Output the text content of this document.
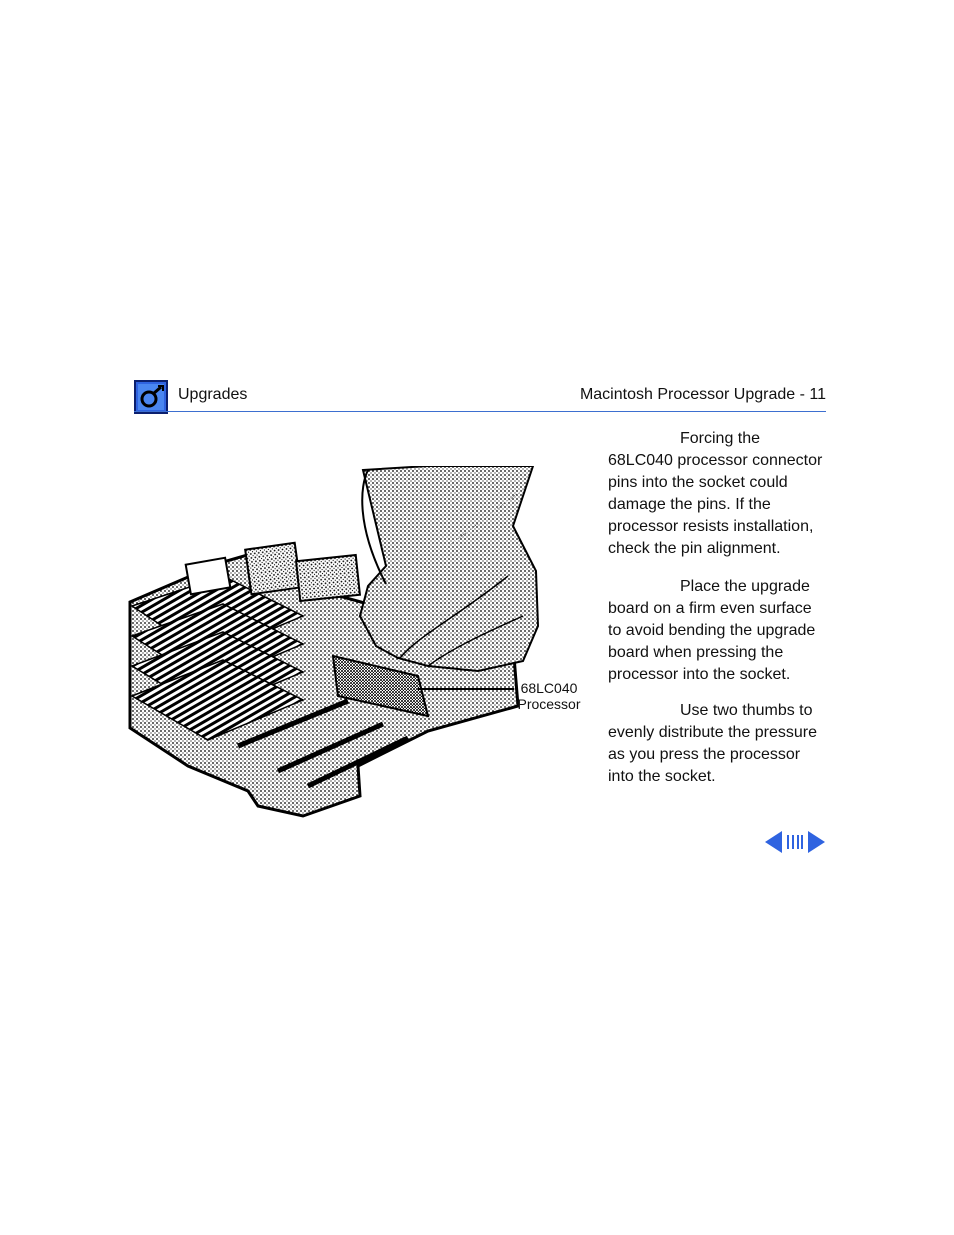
Upgrades	Macintosh Processor Upgrade - 11
68LC040
Processor

Forcing the 68LC040 processor connector pins into the socket could damage the pins. If the processor resists installation, check the pin alignment.

Place the upgrade board on a firm even surface to avoid bending the upgrade board when pressing the processor into the socket.

Use two thumbs to evenly distribute the pressure as you press the processor into the socket.
